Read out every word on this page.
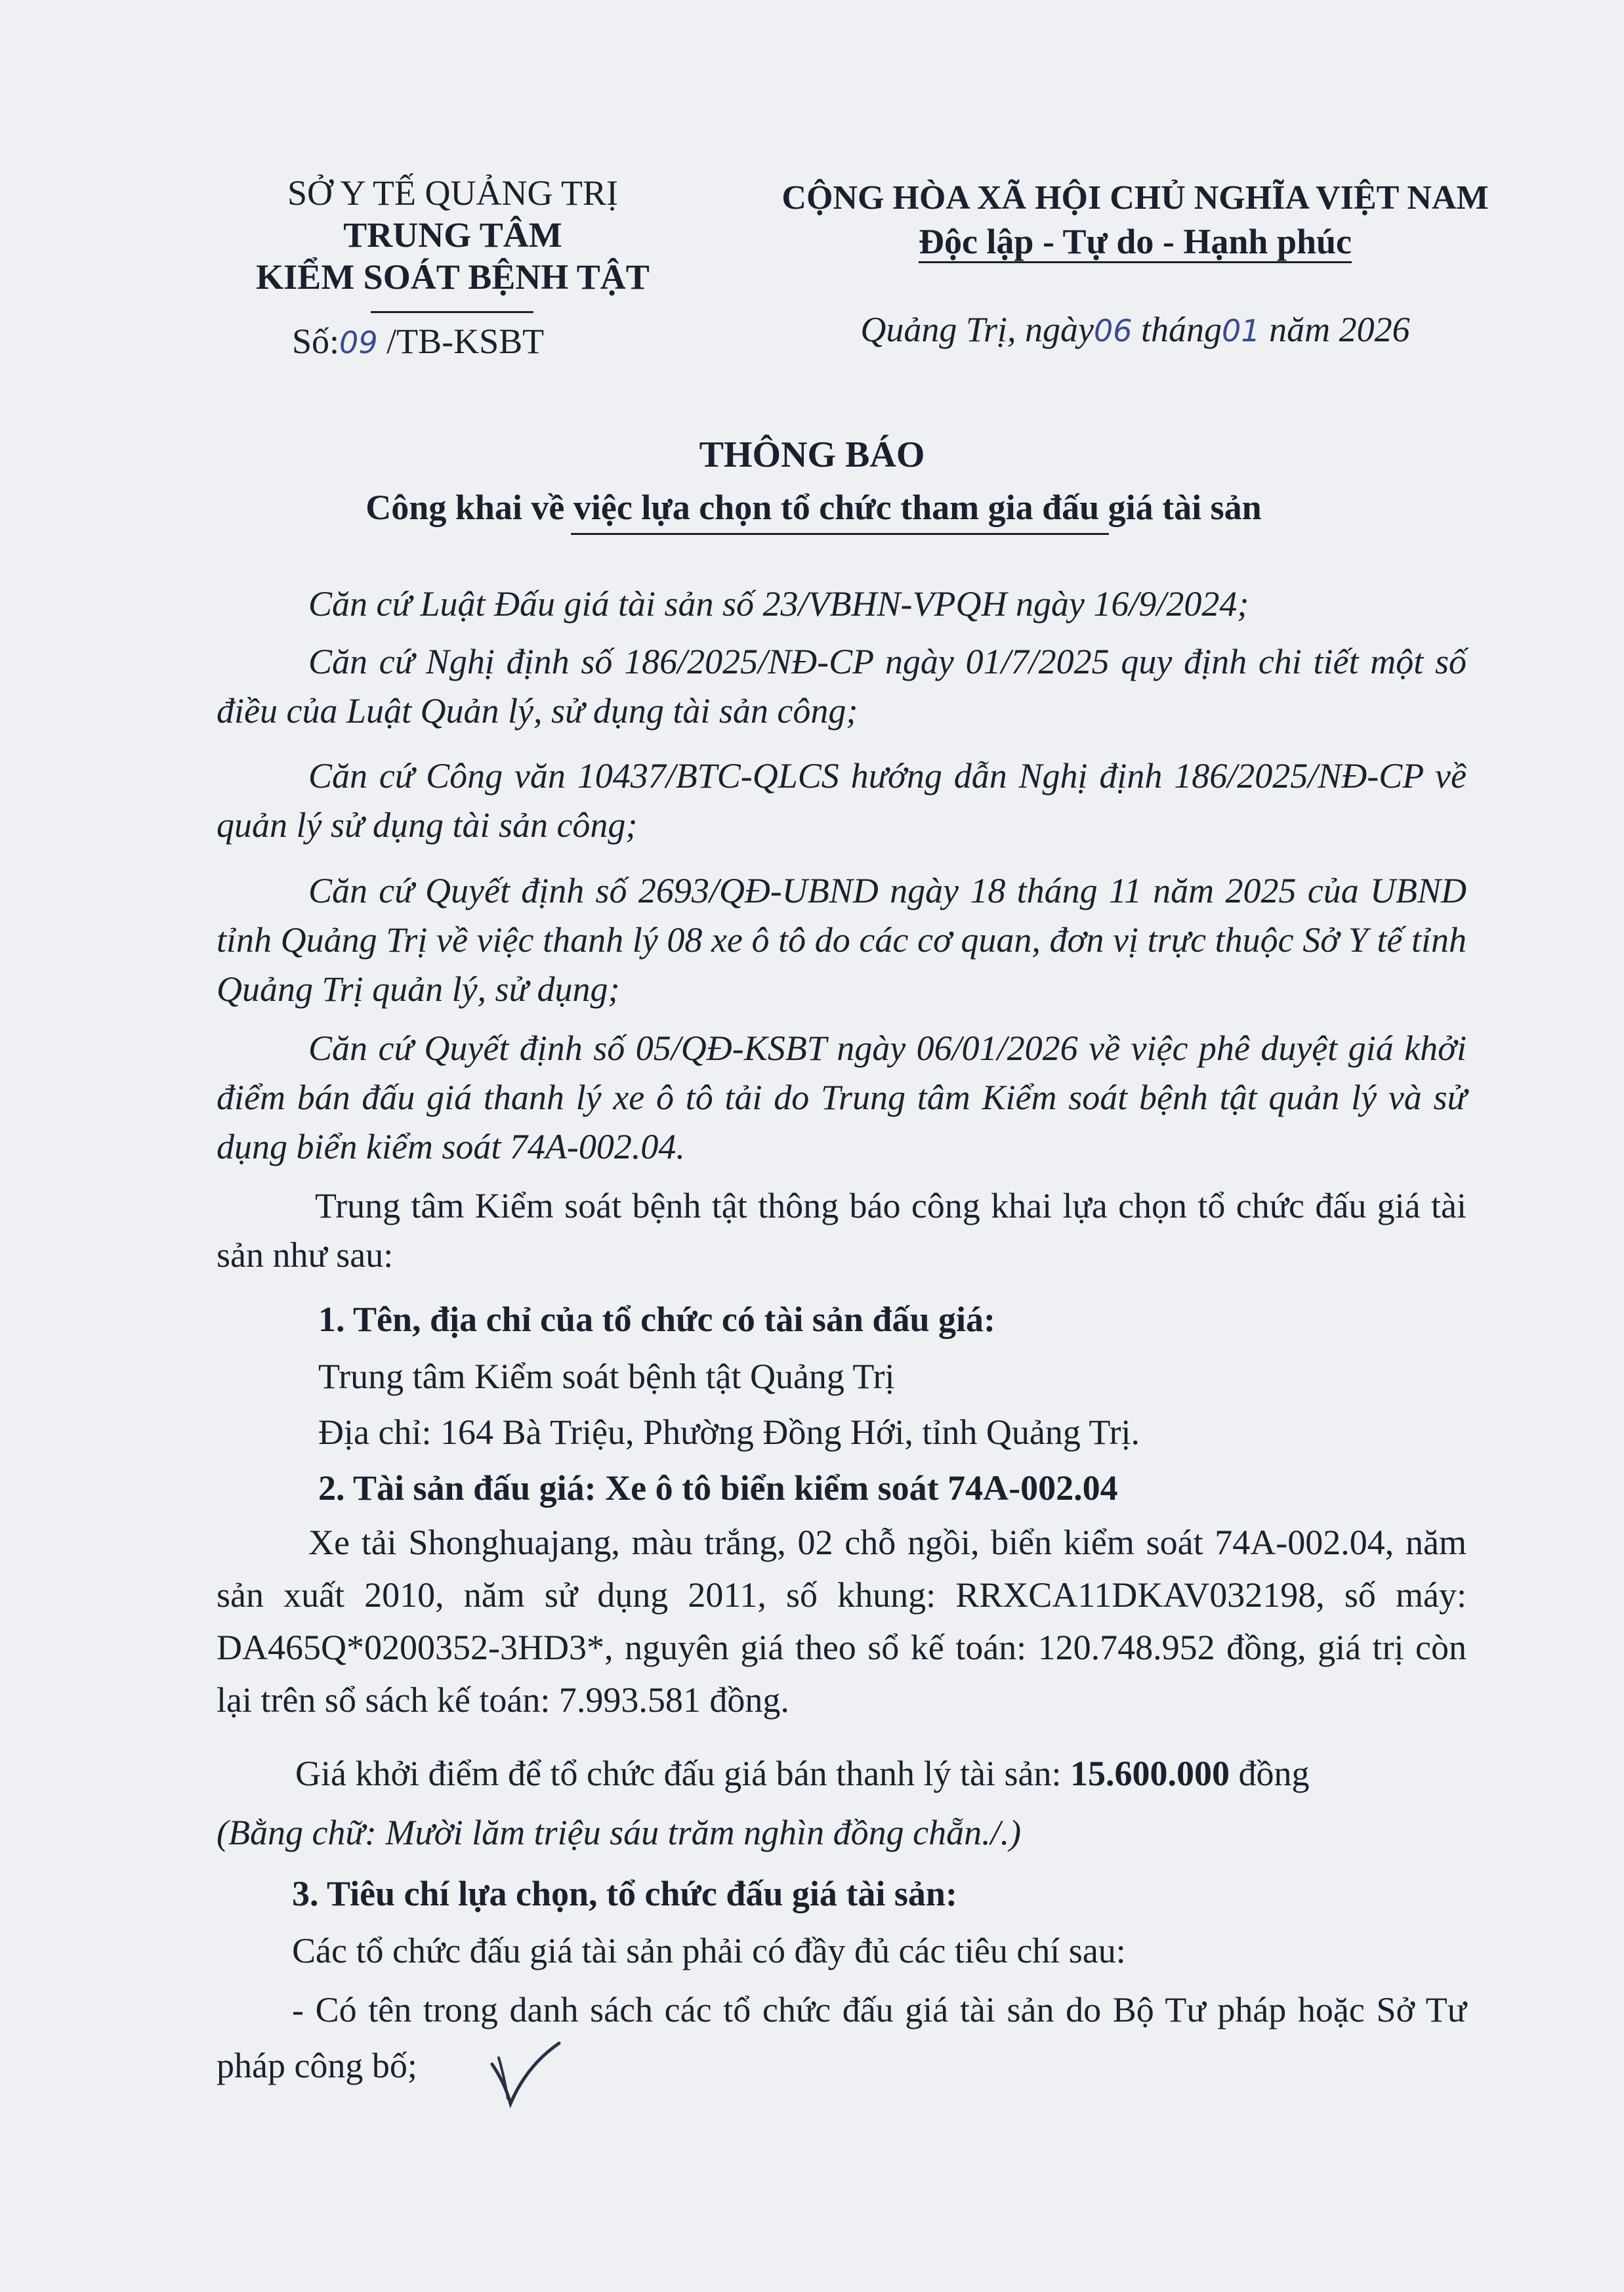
SỞ Y TẾ QUẢNG TRỊ
TRUNG TÂM
KIỂM SOÁT BỆNH TẬT
Số:09 /TB-KSBT
CỘNG HÒA XÃ HỘI CHỦ NGHĨA VIỆT NAM
Độc lập - Tự do - Hạnh phúc
Quảng Trị, ngày06 tháng01 năm 2026
THÔNG BÁO
Công khai về việc lựa chọn tổ chức tham gia đấu giá tài sản
Căn cứ Luật Đấu giá tài sản số 23/VBHN-VPQH ngày 16/9/2024;
Căn cứ Nghị định số 186/2025/NĐ-CP ngày 01/7/2025 quy định chi tiết một số điều của Luật Quản lý, sử dụng tài sản công;
Căn cứ Công văn 10437/BTC-QLCS hướng dẫn Nghị định 186/2025/NĐ-CP về quản lý sử dụng tài sản công;
Căn cứ Quyết định số 2693/QĐ-UBND ngày 18 tháng 11 năm 2025 của UBND tỉnh Quảng Trị về việc thanh lý 08 xe ô tô do các cơ quan, đơn vị trực thuộc Sở Y tế tỉnh Quảng Trị quản lý, sử dụng;
Căn cứ Quyết định số 05/QĐ-KSBT ngày 06/01/2026 về việc phê duyệt giá khởi điểm bán đấu giá thanh lý xe ô tô tải do Trung tâm Kiểm soát bệnh tật quản lý và sử dụng biển kiểm soát 74A-002.04.
Trung tâm Kiểm soát bệnh tật thông báo công khai lựa chọn tổ chức đấu giá tài sản như sau:
1. Tên, địa chỉ của tổ chức có tài sản đấu giá:
Trung tâm Kiểm soát bệnh tật Quảng Trị
Địa chỉ: 164 Bà Triệu, Phường Đồng Hới, tỉnh Quảng Trị.
2. Tài sản đấu giá: Xe ô tô biển kiểm soát 74A-002.04
Xe tải Shonghuajang, màu trắng, 02 chỗ ngồi, biển kiểm soát 74A-002.04, năm sản xuất 2010, năm sử dụng 2011, số khung: RRXCA11DKAV032198, số máy: DA465Q*0200352-3HD3*, nguyên giá theo sổ kế toán: 120.748.952 đồng, giá trị còn lại trên sổ sách kế toán: 7.993.581 đồng.
Giá khởi điểm để tổ chức đấu giá bán thanh lý tài sản: 15.600.000 đồng
(Bằng chữ: Mười lăm triệu sáu trăm nghìn đồng chẵn./.)
3. Tiêu chí lựa chọn, tổ chức đấu giá tài sản:
Các tổ chức đấu giá tài sản phải có đầy đủ các tiêu chí sau:
- Có tên trong danh sách các tổ chức đấu giá tài sản do Bộ Tư pháp hoặc Sở Tư pháp công bố;
